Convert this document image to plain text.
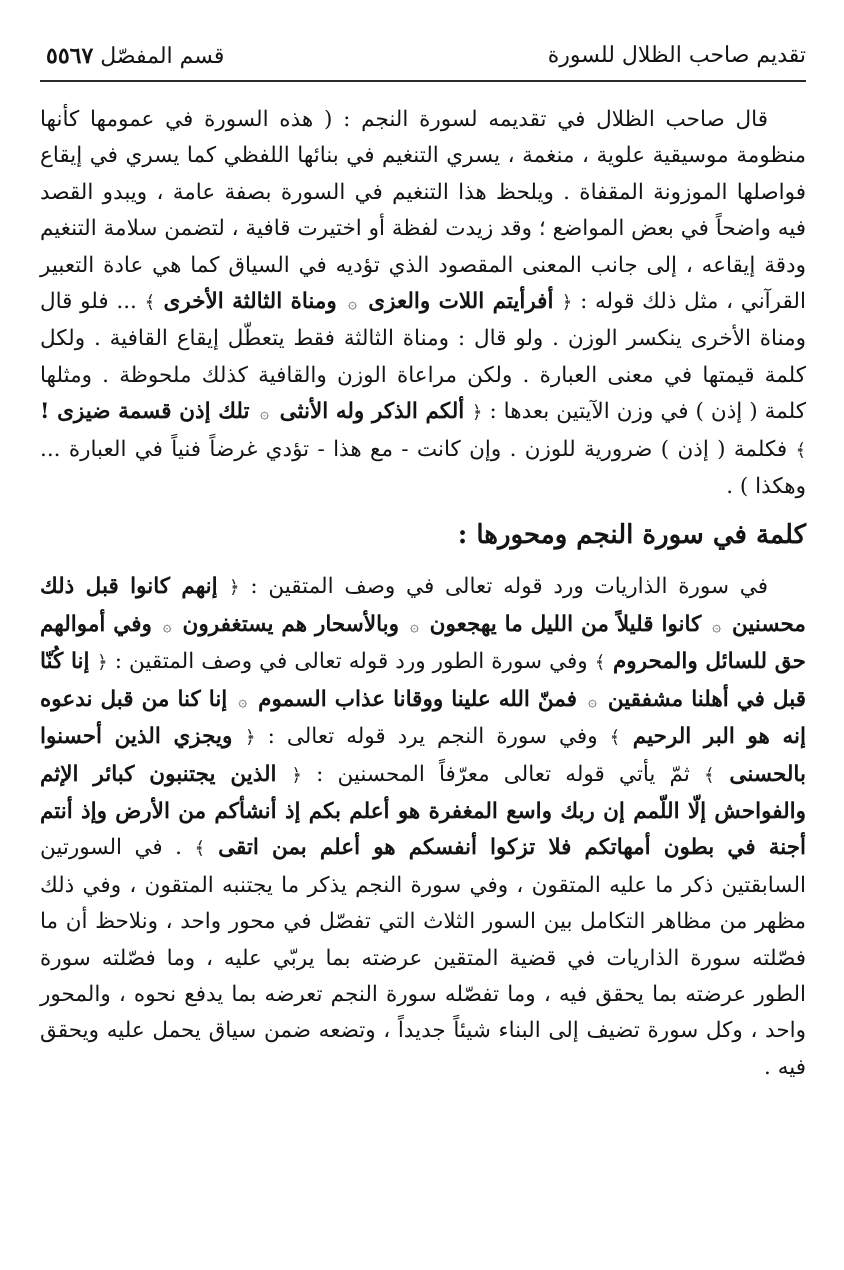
تقديم صاحب الظلال للسورة
قسم المفصّل ٥٥٦٧

قال صاحب الظلال في تقديمه لسورة النجم : ( هذه السورة في عمومها كأنها منظومة موسيقية علوية ، منغمة ، يسري التنغيم في بنائها اللفظي كما يسري في إيقاع فواصلها الموزونة المقفاة . ويلحظ هذا التنغيم في السورة بصفة عامة ، ويبدو القصد فيه واضحاً في بعض المواضع ؛ وقد زيدت لفظة أو اختيرت قافية ، لتضمن سلامة التنغيم ودقة إيقاعه ، إلى جانب المعنى المقصود الذي تؤديه في السياق كما هي عادة التعبير القرآني ، مثل ذلك قوله : ﴿ أفرأيتم اللات والعزى ۞ ومناة الثالثة الأخرى ﴾ ... فلو قال ومناة الأخرى ينكسر الوزن . ولو قال : ومناة الثالثة فقط يتعطّل إيقاع القافية . ولكل كلمة قيمتها في معنى العبارة . ولكن مراعاة الوزن والقافية كذلك ملحوظة . ومثلها كلمة ( إذن ) في وزن الآيتين بعدها : ﴿ ألكم الذكر وله الأنثى ۞ تلك إذن قسمة ضيزى ! ﴾ فكلمة ( إذن ) ضرورية للوزن . وإن كانت - مع هذا - تؤدي غرضاً فنياً في العبارة ... وهكذا ) .

كلمة في سورة النجم ومحورها :

في سورة الذاريات ورد قوله تعالى في وصف المتقين : ﴿ إنهم كانوا قبل ذلك محسنين ۞ كانوا قليلاً من الليل ما يهجعون ۞ وبالأسحار هم يستغفرون ۞ وفي أموالهم حق للسائل والمحروم ﴾ وفي سورة الطور ورد قوله تعالى في وصف المتقين : ﴿ إنا كُنّا قبل في أهلنا مشفقين ۞ فمنّ الله علينا ووقانا عذاب السموم ۞ إنا كنا من قبل ندعوه إنه هو البر الرحيم ﴾ وفي سورة النجم يرد قوله تعالى : ﴿ ويجزي الذين أحسنوا بالحسنى ﴾ ثمّ يأتي قوله تعالى معرّفاً المحسنين : ﴿ الذين يجتنبون كبائر الإثم والفواحش إلّا اللّمم إن ربك واسع المغفرة هو أعلم بكم إذ أنشأكم من الأرض وإذ أنتم أجنة في بطون أمهاتكم فلا تزكوا أنفسكم هو أعلم بمن اتقى ﴾ . في السورتين السابقتين ذكر ما عليه المتقون ، وفي سورة النجم يذكر ما يجتنبه المتقون ، وفي ذلك مظهر من مظاهر التكامل بين السور الثلاث التي تفصّل في محور واحد ، ونلاحظ أن ما فصّلته سورة الذاريات في قضية المتقين عرضته بما يربّي عليه ، وما فصّلته سورة الطور عرضته بما يحقق فيه ، وما تفصّله سورة النجم تعرضه بما يدفع نحوه ، والمحور واحد ، وكل سورة تضيف إلى البناء شيئاً جديداً ، وتضعه ضمن سياق يحمل عليه ويحقق فيه .
